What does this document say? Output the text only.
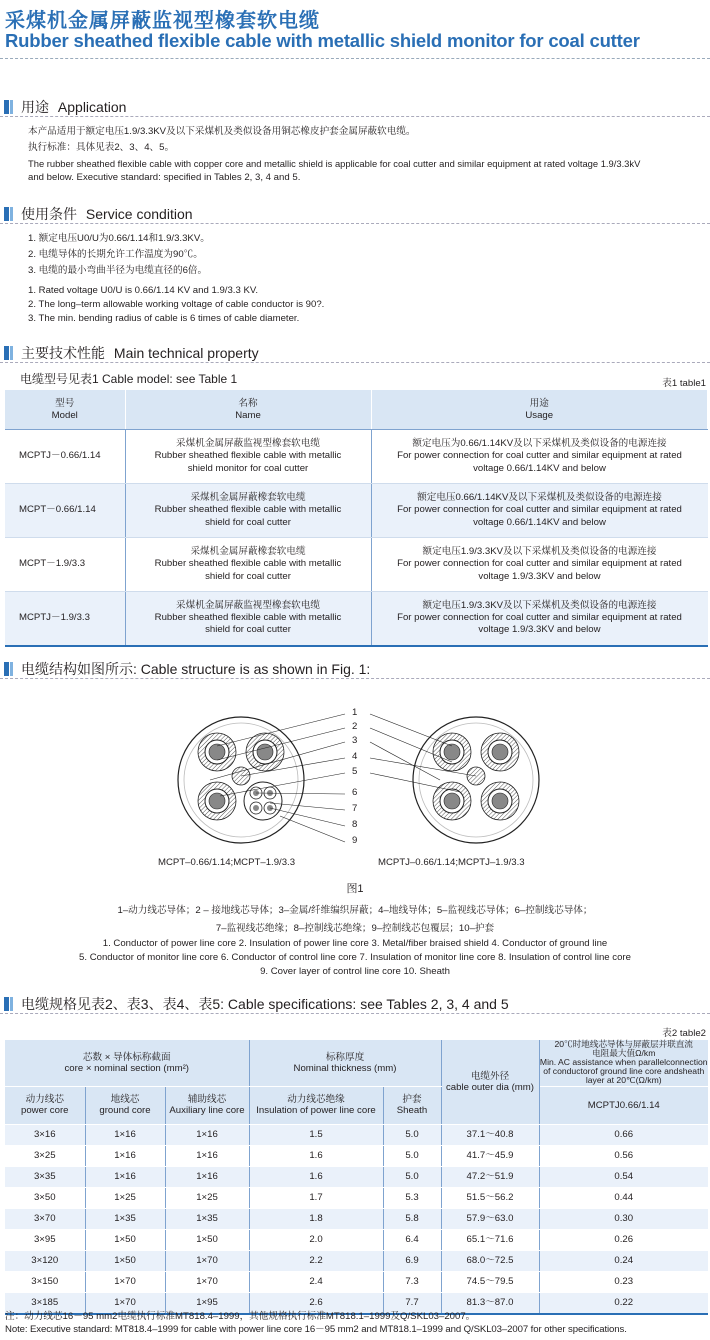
采煤机金属屏蔽监视型橡套软电缆
Rubber sheathed flexible cable with metallic shield monitor for coal cutter
用途
Application
本产品适用于额定电压1.9/3.3KV及以下采煤机及类似设备用铜芯橡皮护套金属屏蔽软电缆。
执行标准：具体见表2、3、4、5。
The rubber sheathed flexible cable with copper core and metallic shield is applicable for coal cutter and similar equipment at rated voltage 1.9/3.3kV
and below. Executive standard: specified in Tables 2, 3, 4 and 5.
使用条件
Service condition
1. 额定电压U0/U为0.66/1.14和1.9/3.3KV。
2. 电缆导体的长期允许工作温度为90℃。
3. 电缆的最小弯曲半径为电缆直径的6倍。
1. Rated voltage U0/U is 0.66/1.14 KV and 1.9/3.3 KV.
2. The long–term allowable working voltage of cable conductor is 90?.
3. The min. bending radius of cable is 6 times of cable diameter.
主要技术性能
Main technical property
电缆型号见表1 Cable model: see Table 1	表1 table1
型号
Model	名称
Name	用途
Usage
MCPTJ－0.66/1.14	采煤机金属屏蔽监视型橡套软电缆
Rubber sheathed flexible cable with metallic
shield monitor for coal cutter	额定电压为0.66/1.14KV及以下采煤机及类似设备的电源连接
For power connection for coal cutter and similar equipment at rated
voltage 0.66/1.14KV and below
MCPT－0.66/1.14	采煤机金属屏蔽橡套软电缆
Rubber sheathed flexible cable with metallic
shield for coal cutter	额定电压0.66/1.14KV及以下采煤机及类似设备的电源连接
For power connection for coal cutter and similar equipment at rated
voltage 0.66/1.14KV and below
MCPT－1.9/3.3	采煤机金属屏蔽橡套软电缆
Rubber sheathed flexible cable with metallic
shield for coal cutter	额定电压1.9/3.3KV及以下采煤机及类似设备的电源连接
For power connection for coal cutter and similar equipment at rated
voltage 1.9/3.3KV and below
MCPTJ－1.9/3.3	采煤机金属屏蔽监视型橡套软电缆
Rubber sheathed flexible cable with metallic
shield for coal cutter	额定电压1.9/3.3KV及以下采煤机及类似设备的电源连接
For power connection for coal cutter and similar equipment at rated
voltage 1.9/3.3KV and below
电缆结构如图所示: Cable structure is as shown in Fig. 1:
1
2
3
4
5
6
7
8
9
MCPT–0.66/1.14;MCPT–1.9/3.3	MCPTJ–0.66/1.14;MCPTJ–1.9/3.3
图1
1–动力线芯导体；2 – 接地线芯导体；3–金属/纤维编织屏蔽；4–地线导体；5–监视线芯导体；6–控制线芯导体；
7–监视线芯绝缘；8–控制线芯绝缘；9–控制线芯包覆层；10–护套
1. Conductor of power line core 2. Insulation of power line core 3. Metal/fiber braised shield 4. Conductor of ground line
5. Conductor of monitor line core 6. Conductor of control line core 7. Insulation of monitor line core 8. Insulation of control line core
9. Cover layer of control line core 10. Sheath
电缆规格见表2、表3、表4、表5: Cable specifications: see Tables 2, 3, 4 and 5
表2 table2
芯数 × 导体标称截面
core × nominal section (mm²)			标称厚度
Nominal thickness (mm)		电缆外径
cable outer dia (mm)	20℃时地线芯导体与屏蔽层并联直流
电阻最大值Ω/km
Min. AC assistance when parallelconnection
of conductorof ground line core andsheath
layer at 20℃(Ω/km)
动力线芯
power core	地线芯
ground core	辅助线芯
Auxiliary line core	动力线芯绝缘
Insulation of power line core	护套
Sheath		MCPTJ0.66/1.14
3×16	1×16	1×16	1.5	5.0	37.1～40.8	0.66
3×25	1×16	1×16	1.6	5.0	41.7～45.9	0.56
3×35	1×16	1×16	1.6	5.0	47.2～51.9	0.54
3×50	1×25	1×25	1.7	5.3	51.5～56.2	0.44
3×70	1×35	1×35	1.8	5.8	57.9～63.0	0.30
3×95	1×50	1×50	2.0	6.4	65.1～71.6	0.26
3×120	1×50	1×70	2.2	6.9	68.0～72.5	0.24
3×150	1×70	1×70	2.4	7.3	74.5～79.5	0.23
3×185	1×70	1×95	2.6	7.7	81.3～87.0	0.22
注：动力线芯16－95 mm2电缆执行标准MT818.4–1999，其他规格执行标准MT818.1–1999及Q/SKL03–2007。
Note: Executive standard: MT818.4–1999 for cable with power line core 16－95 mm2 and MT818.1–1999 and Q/SKL03–2007 for other specifications.
